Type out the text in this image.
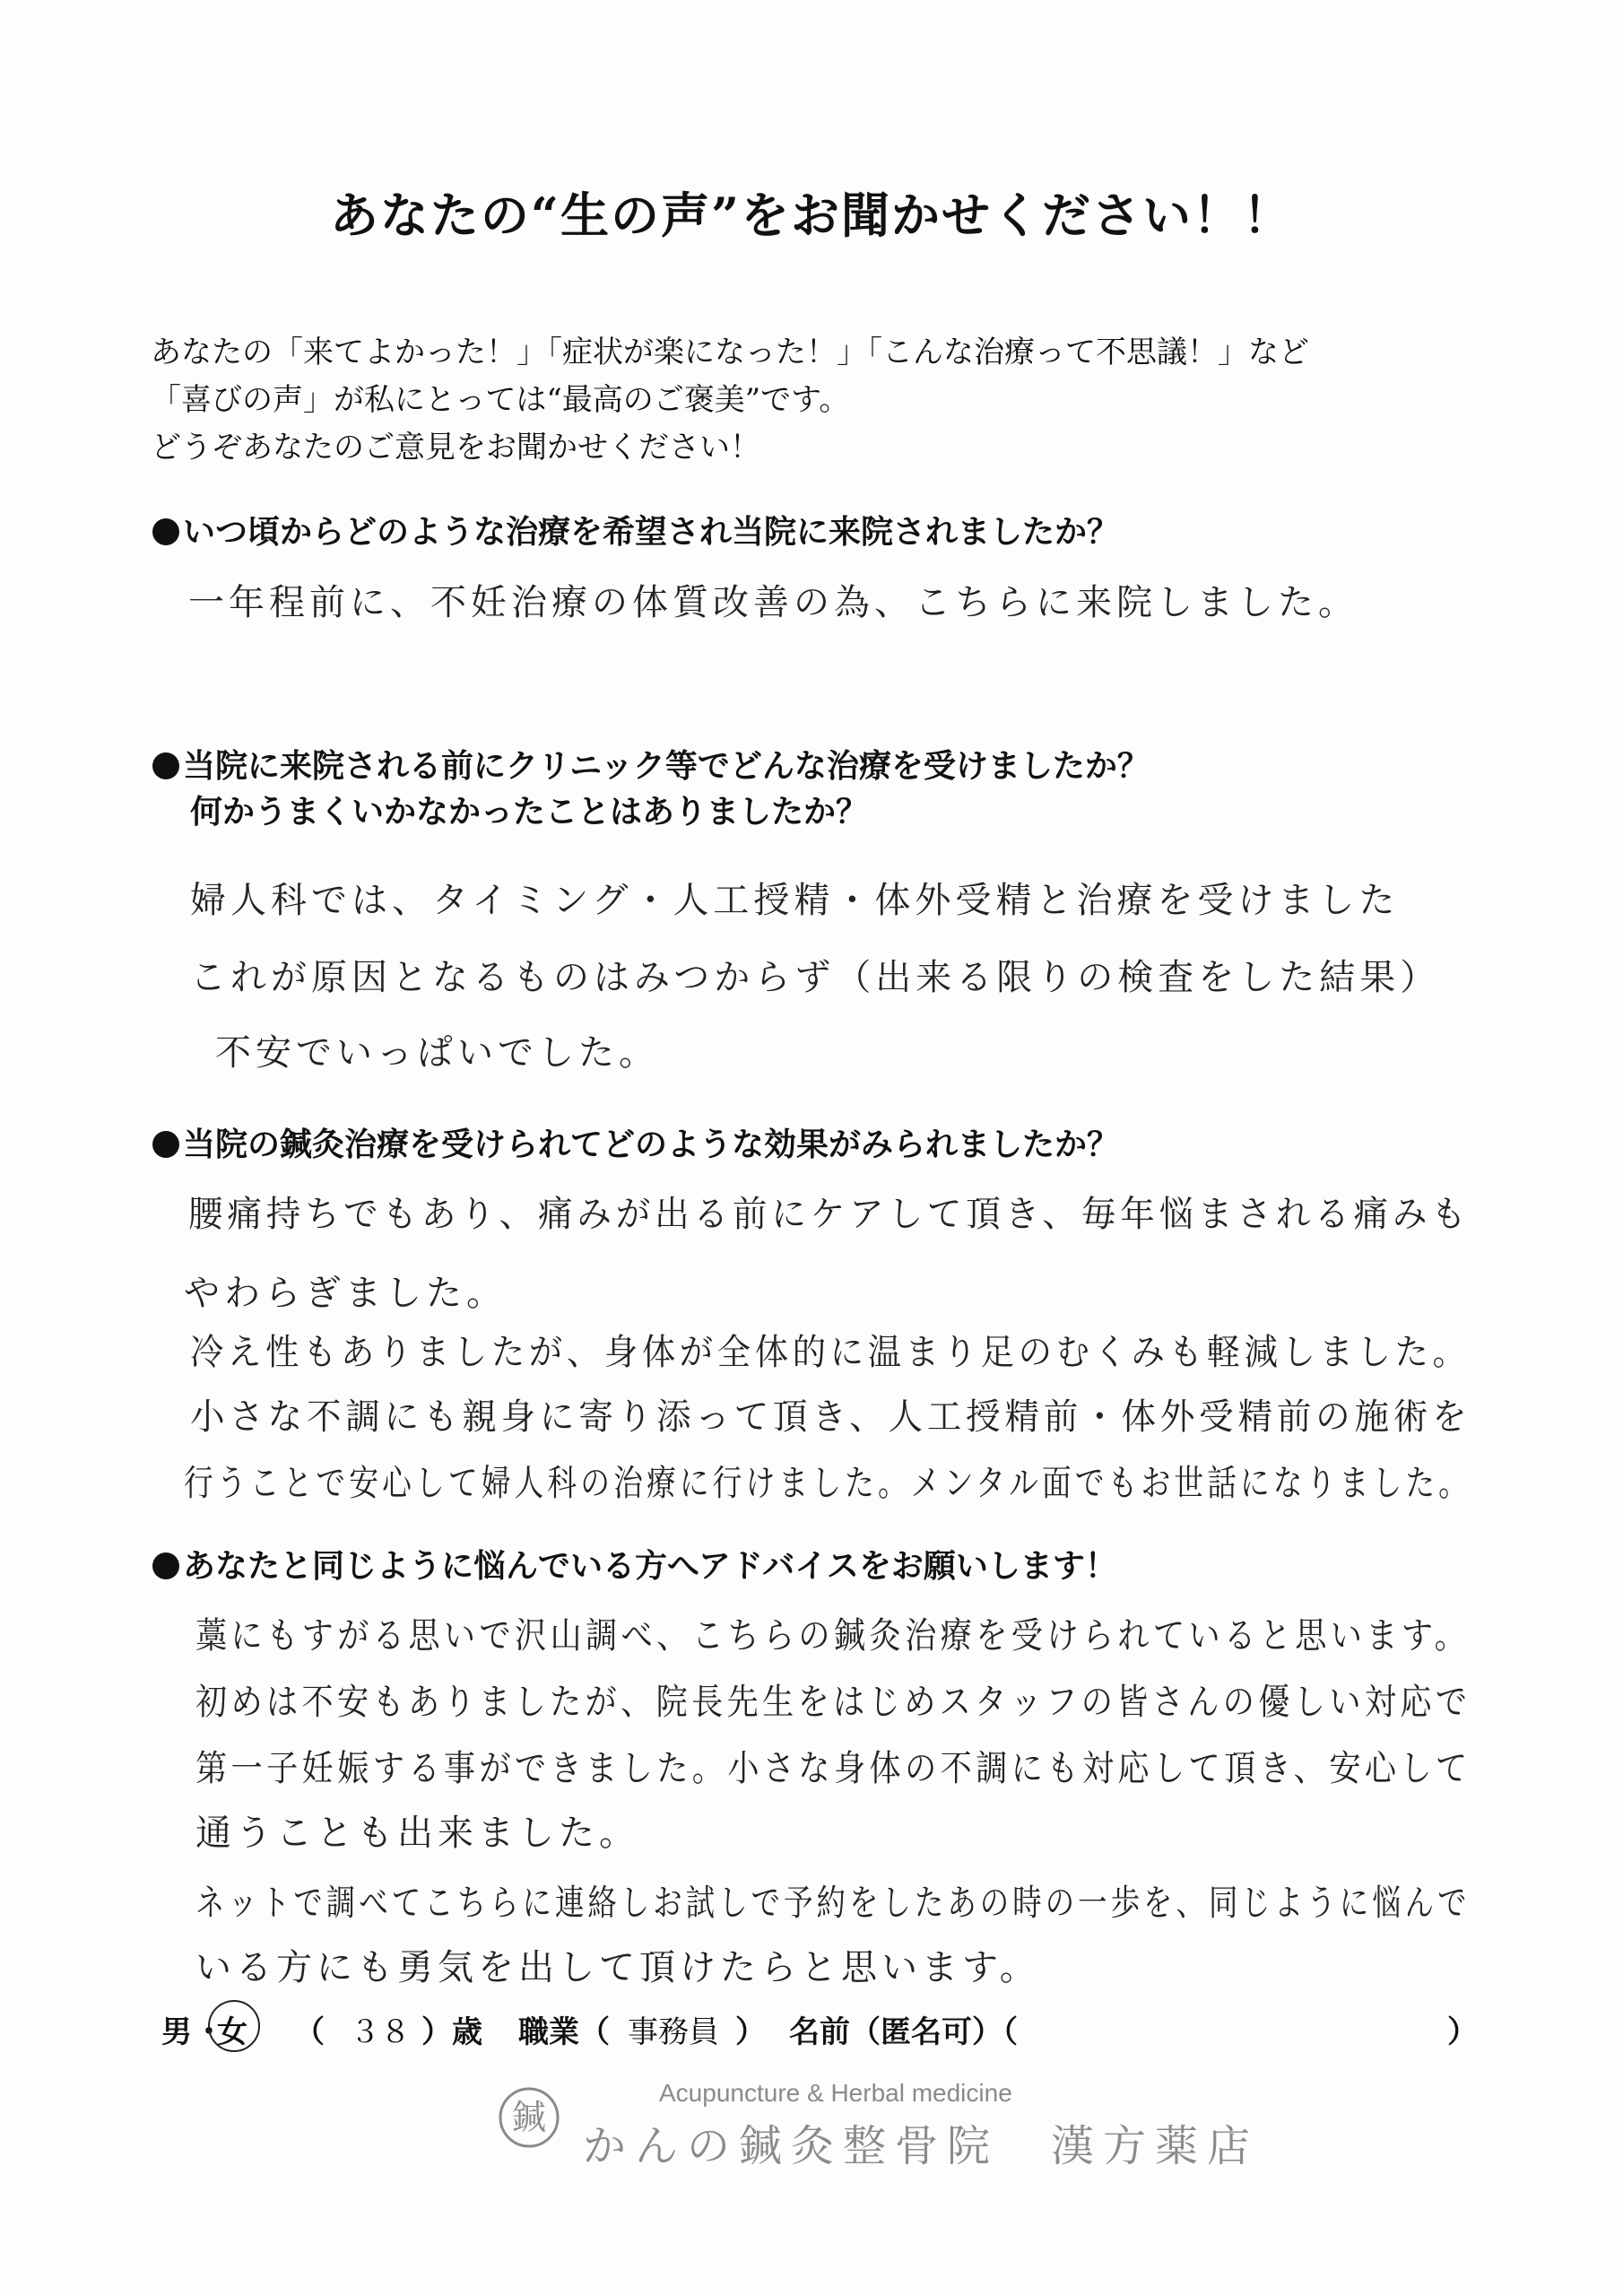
あなたの“生の声”をお聞かせください！！
あなたの「来てよかった！」「症状が楽になった！」「こんな治療って不思議！」など
「喜びの声」が私にとっては“最高のご褒美”です。
どうぞあなたのご意見をお聞かせください！
いつ頃からどのような治療を希望され当院に来院されましたか？
一年程前に、不妊治療の体質改善の為、こちらに来院しました。
当院に来院される前にクリニック等でどんな治療を受けましたか？
何かうまくいかなかったことはありましたか？
婦人科では、タイミング・人工授精・体外受精と治療を受けました
これが原因となるものはみつからず（出来る限りの検査をした結果）
不安でいっぱいでした。
当院の鍼灸治療を受けられてどのような効果がみられましたか？
腰痛持ちでもあり、痛みが出る前にケアして頂き、毎年悩まされる痛みも
やわらぎました。
冷え性もありましたが、身体が全体的に温まり足のむくみも軽減しました。
小さな不調にも親身に寄り添って頂き、人工授精前・体外受精前の施術を
行うことで安心して婦人科の治療に行けました。メンタル面でもお世話になりました。
あなたと同じように悩んでいる方へアドバイスをお願いします！
藁にもすがる思いで沢山調べ、こちらの鍼灸治療を受けられていると思います。
初めは不安もありましたが、院長先生をはじめスタッフの皆さんの優しい対応で
第一子妊娠する事ができました。小さな身体の不調にも対応して頂き、安心して
通うことも出来ました。
ネットで調べてこちらに連絡しお試しで予約をしたあの時の一歩を、同じように悩んで
いる方にも勇気を出して頂けたらと思います。
男 ・
女 （ ３８ ）歳 職業（ 事務員 ） 名前（匿名可）（	）
鍼
Acupuncture & Herbal medicine
かんの鍼灸整骨院　漢方薬店
